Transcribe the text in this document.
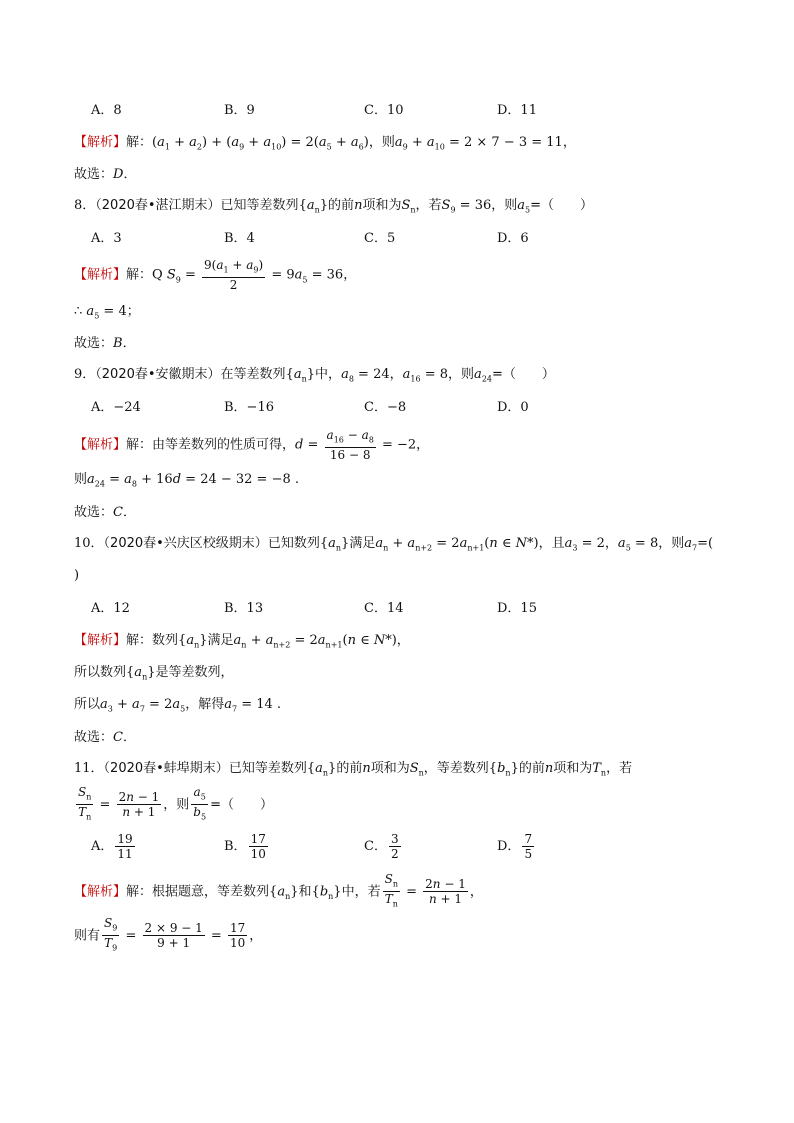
A．8	B．9	C．10	D．11
【解析】解：$(a_1 + a_2) + (a_9 + a_{10}) = 2(a_5 + a_6)$，则$a_9 + a_{10} = 2 \times 7 - 3 = 11$，
故选：D．
8．（2020春•湛江期末）已知等差数列$\{a_n\}$的前n项和为$S_n$，若$S_9 = 36$，则$a_5=$（　　）
A．3	B．4	C．5	D．6
【解析】解：Q $S_9 = \frac{9(a_1 + a_9)}{2} = 9a_5 = 36$，
∴ $a_5 = 4$；
故选：B．
9．（2020春•安徽期末）在等差数列$\{a_n\}$中，$a_8 = 24$，$a_{16} = 8$，则$a_{24}=$（　　）
A．−24	B．−16	C．−8	D．0
【解析】解：由等差数列的性质可得，$d = \frac{a_{16} - a_8}{16 - 8} = -2$，
则$a_{24} = a_8 + 16d = 24 - 32 = -8$ .
故选：C．
10．（2020春•兴庆区校级期末）已知数列$\{a_n\}$满足$a_n + a_{n+2} = 2a_{n+1}(n$ ∈ N*)，且$a_3 = 2$，$a_5 = 8$，则$a_7=$(
)
A．12	B．13	C．14	D．15
【解析】解：数列$\{a_n\}$满足$a_n + a_{n+2} = 2a_{n+1}(n$ ∈ N*)，
所以数列$\{a_n\}$是等差数列，
所以$a_3 + a_7 = 2a_5$，解得$a_7 = 14$ .
故选：C．
11．（2020春•蚌埠期末）已知等差数列$\{a_n\}$的前n项和为$S_n$，等差数列$\{b_n\}$的前n项和为$T_n$，若
$\frac{S_n}{T_n} = \frac{2n - 1}{n + 1}$ ，则 $\frac{a_5}{b_5}$ =（　　）
A． $\frac{19}{11}$	B． $\frac{17}{10}$	C． $\frac{3}{2}$	D． $\frac{7}{5}$
【解析】解：根据题意，等差数列$\{a_n\}$和$\{b_n\}$中，若 $\frac{S_n}{T_n} = \frac{2n - 1}{n + 1}$ ，
则有 $\frac{S_9}{T_9} = \frac{2 \times 9 - 1}{9 + 1} = \frac{17}{10}$ ，
